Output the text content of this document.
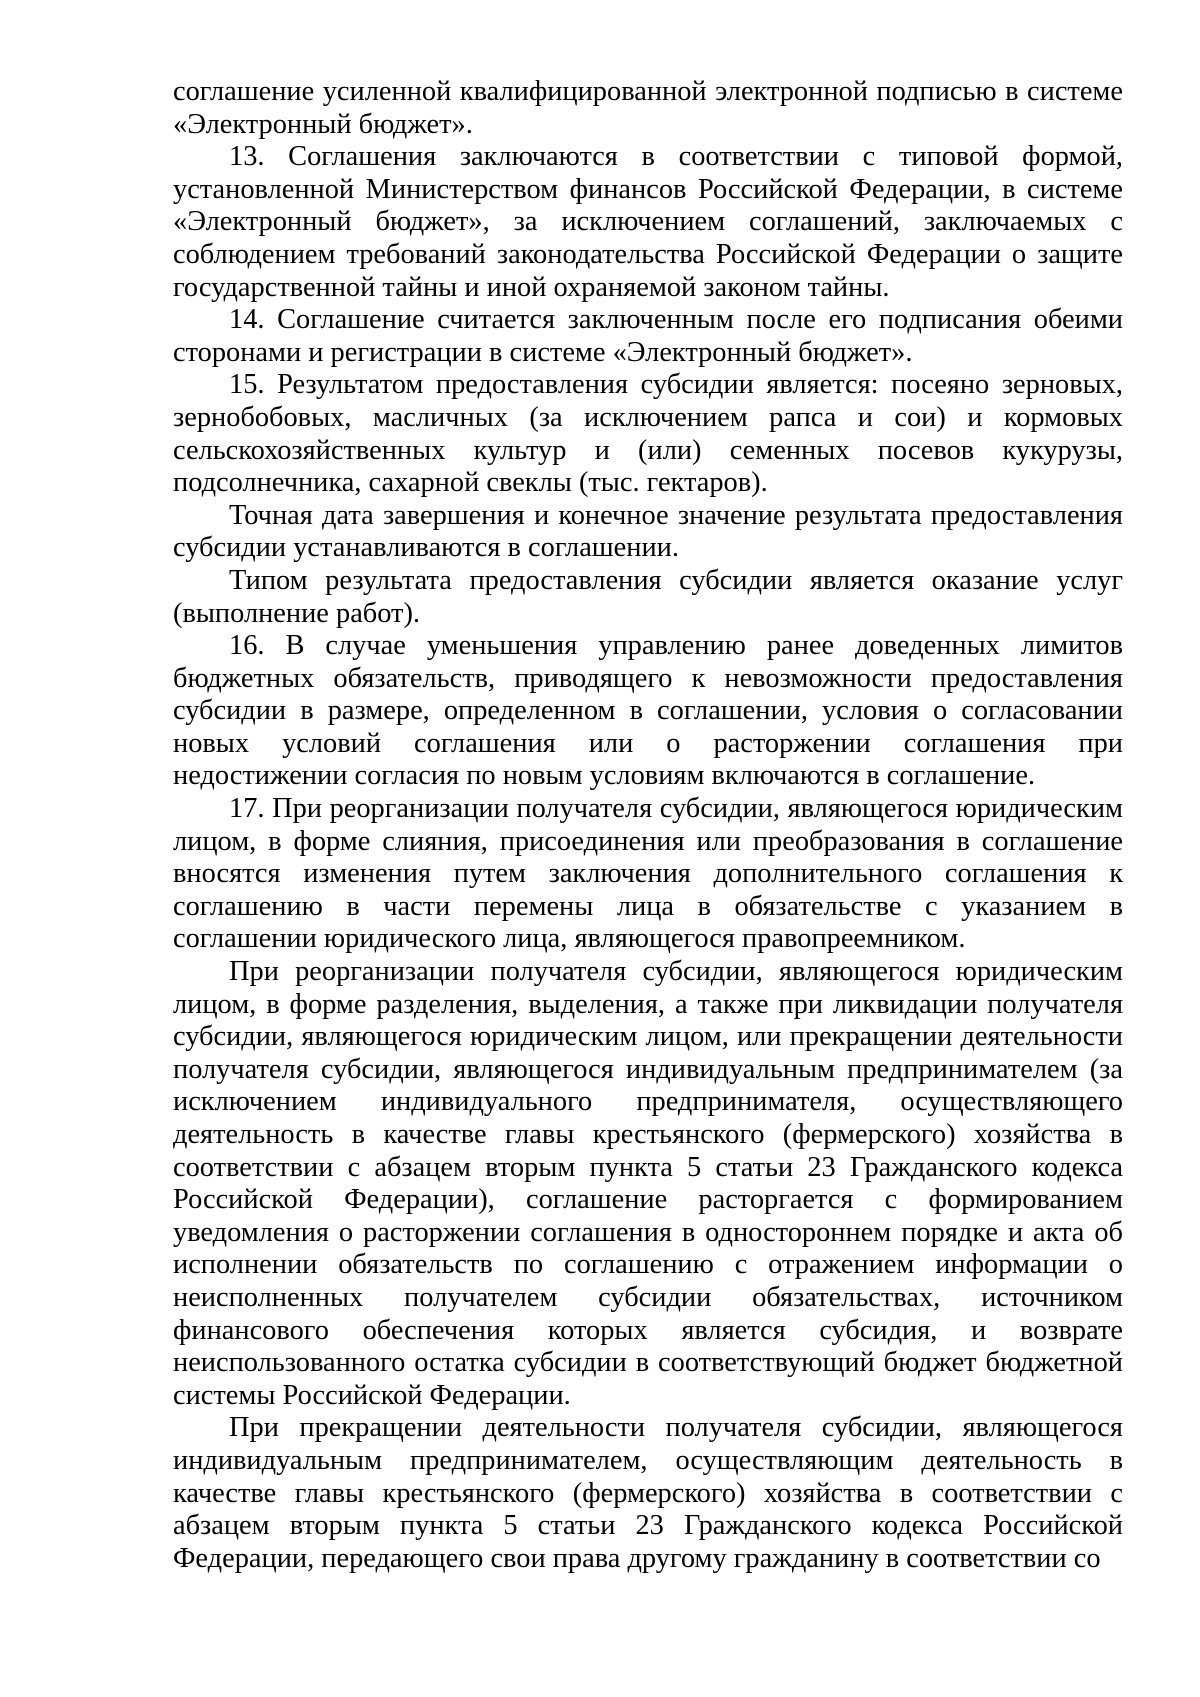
соглашение усиленной квалифицированной электронной подписью в системе «Электронный бюджет».

13. Соглашения заключаются в соответствии с типовой формой, установленной Министерством финансов Российской Федерации, в системе «Электронный бюджет», за исключением соглашений, заключаемых с соблюдением требований законодательства Российской Федерации о защите государственной тайны и иной охраняемой законом тайны.

14. Соглашение считается заключенным после его подписания обеими сторонами и регистрации в системе «Электронный бюджет».

15. Результатом предоставления субсидии является: посеяно зерновых, зернобобовых, масличных (за исключением рапса и сои) и кормовых сельскохозяйственных культур и (или) семенных посевов кукурузы, подсолнечника, сахарной свеклы (тыс. гектаров).

Точная дата завершения и конечное значение результата предоставления субсидии устанавливаются в соглашении.

Типом результата предоставления субсидии является оказание услуг (выполнение работ).

16. В случае уменьшения управлению ранее доведенных лимитов бюджетных обязательств, приводящего к невозможности предоставления субсидии в размере, определенном в соглашении, условия о согласовании новых условий соглашения или о расторжении соглашения при недостижении согласия по новым условиям включаются в соглашение.

17. При реорганизации получателя субсидии, являющегося юридическим лицом, в форме слияния, присоединения или преобразования в соглашение вносятся изменения путем заключения дополнительного соглашения к соглашению в части перемены лица в обязательстве с указанием в соглашении юридического лица, являющегося правопреемником.

При реорганизации получателя субсидии, являющегося юридическим лицом, в форме разделения, выделения, а также при ликвидации получателя субсидии, являющегося юридическим лицом, или прекращении деятельности получателя субсидии, являющегося индивидуальным предпринимателем (за исключением индивидуального предпринимателя, осуществляющего деятельность в качестве главы крестьянского (фермерского) хозяйства в соответствии с абзацем вторым пункта 5 статьи 23 Гражданского кодекса Российской Федерации), соглашение расторгается с формированием уведомления о расторжении соглашения в одностороннем порядке и акта об исполнении обязательств по соглашению с отражением информации о неисполненных получателем субсидии обязательствах, источником финансового обеспечения которых является субсидия, и возврате неиспользованного остатка субсидии в соответствующий бюджет бюджетной системы Российской Федерации.

При прекращении деятельности получателя субсидии, являющегося индивидуальным предпринимателем, осуществляющим деятельность в качестве главы крестьянского (фермерского) хозяйства в соответствии с абзацем вторым пункта 5 статьи 23 Гражданского кодекса Российской Федерации, передающего свои права другому гражданину в соответствии со
